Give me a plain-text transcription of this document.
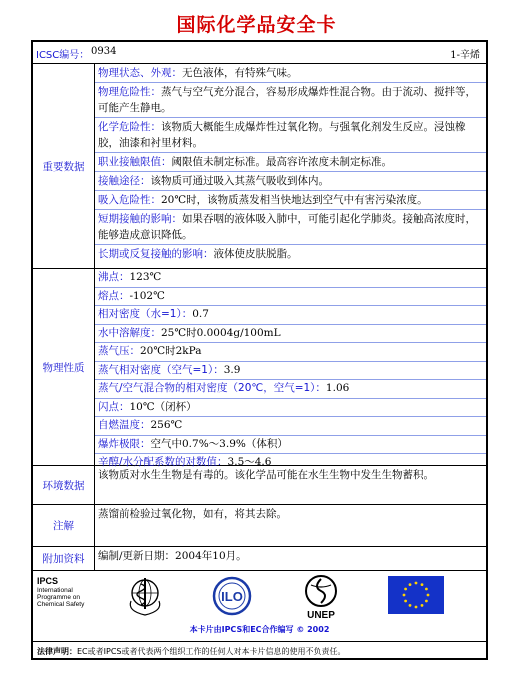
国际化学品安全卡
ICSC编号： 0934	1-辛烯
重要数据
物理状态、外观：无色液体，有特殊气味。
物理危险性：蒸气与空气充分混合，容易形成爆炸性混合物。由于流动、搅拌等，可能产生静电。
化学危险性：该物质大概能生成爆炸性过氧化物。与强氧化剂发生反应。浸蚀橡胶，油漆和衬里材料。
职业接触限值：阈限值未制定标准。最高容许浓度未制定标准。
接触途径：该物质可通过吸入其蒸气吸收到体内。
吸入危险性：20℃时，该物质蒸发相当快地达到空气中有害污染浓度。
短期接触的影响：如果吞咽的液体吸入肺中，可能引起化学肺炎。接触高浓度时，能够造成意识降低。
长期或反复接触的影响：液体使皮肤脱脂。
物理性质
沸点：123℃
熔点：-102℃
相对密度（水=1）：0.7
水中溶解度：25℃时0.0004g/100mL
蒸气压：20℃时2kPa
蒸气相对密度（空气=1）：3.9
蒸气/空气混合物的相对密度（20℃，空气=1）：1.06
闪点：10℃（闭杯）
自燃温度：256℃
爆炸极限：空气中0.7%～3.9%（体积）
辛醇/水分配系数的对数值：3.5～4.6
环境数据
该物质对水生生物是有毒的。该化学品可能在水生生物中发生生物蓄积。
注解
蒸馏前检验过氧化物，如有，将其去除。
附加资料	编制/更新日期：2004年10月。
IPCS
International
Programme on
Chemical Safety
ILO
UNEP
本卡片由IPCS和EC合作编写 © 2002
法律声明：EC或者IPCS或者代表两个组织工作的任何人对本卡片信息的使用不负责任。
